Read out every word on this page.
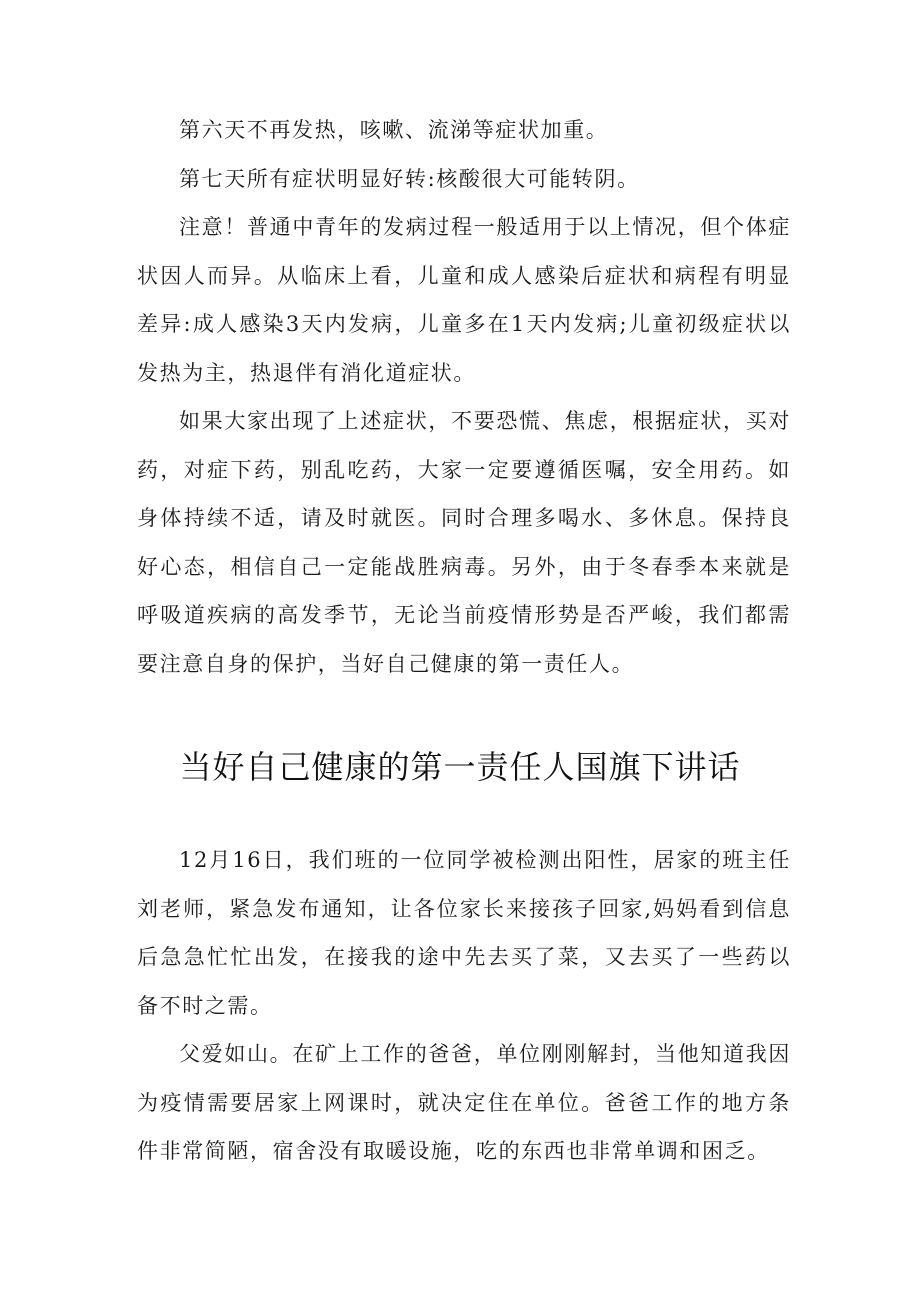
第六天不再发热，咳嗽、流涕等症状加重。

第七天所有症状明显好转:核酸很大可能转阴。

注意！普通中青年的发病过程一般适用于以上情况，但个体症状因人而异。从临床上看，儿童和成人感染后症状和病程有明显差异:成人感染3天内发病，儿童多在1天内发病;儿童初级症状以发热为主，热退伴有消化道症状。

如果大家出现了上述症状，不要恐慌、焦虑，根据症状，买对药，对症下药，别乱吃药，大家一定要遵循医嘱，安全用药。如身体持续不适，请及时就医。同时合理多喝水、多休息。保持良好心态，相信自己一定能战胜病毒。另外，由于冬春季本来就是呼吸道疾病的高发季节，无论当前疫情形势是否严峻，我们都需要注意自身的保护，当好自己健康的第一责任人。

当好自己健康的第一责任人国旗下讲话

12月16日，我们班的一位同学被检测出阳性，居家的班主任刘老师，紧急发布通知，让各位家长来接孩子回家,妈妈看到信息后急急忙忙出发，在接我的途中先去买了菜，又去买了一些药以备不时之需。

父爱如山。在矿上工作的爸爸，单位刚刚解封，当他知道我因为疫情需要居家上网课时，就决定住在单位。爸爸工作的地方条件非常简陋，宿舍没有取暖设施，吃的东西也非常单调和困乏。
